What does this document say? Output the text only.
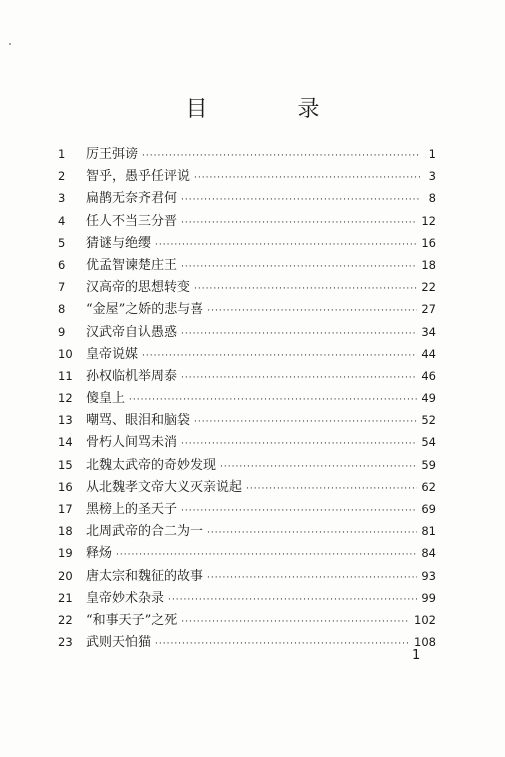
目　录
1	厉王弭谤 ·····	1
2	智乎，愚乎任评说 ·····	3
3	扁鹊无奈齐君何 ·····	8
4	任人不当三分晋 ·····	12
5	猜谜与绝缨 ·····	16
6	优孟智谏楚庄王 ·····	18
7	汉高帝的思想转变 ·····	22
8	“金屋”之娇的悲与喜 ·····	27
9	汉武帝自认愚惑 ·····	34
10	皇帝说媒 ·····	44
11	孙权临机举周泰 ·····	46
12	傻皇上 ·····	49
13	嘲骂、眼泪和脑袋 ·····	52
14	骨朽人间骂未消 ·····	54
15	北魏太武帝的奇妙发现 ·····	59
16	从北魏孝文帝大义灭亲说起 ·····	62
17	黑榜上的圣天子 ·····	69
18	北周武帝的合二为一 ·····	81
19	释炀 ·····	84
20	唐太宗和魏征的故事 ·····	93
21	皇帝妙术杂录 ·····	99
22	“和事天子”之死 ·····	102
23	武则天怕猫 ·····	108
1
